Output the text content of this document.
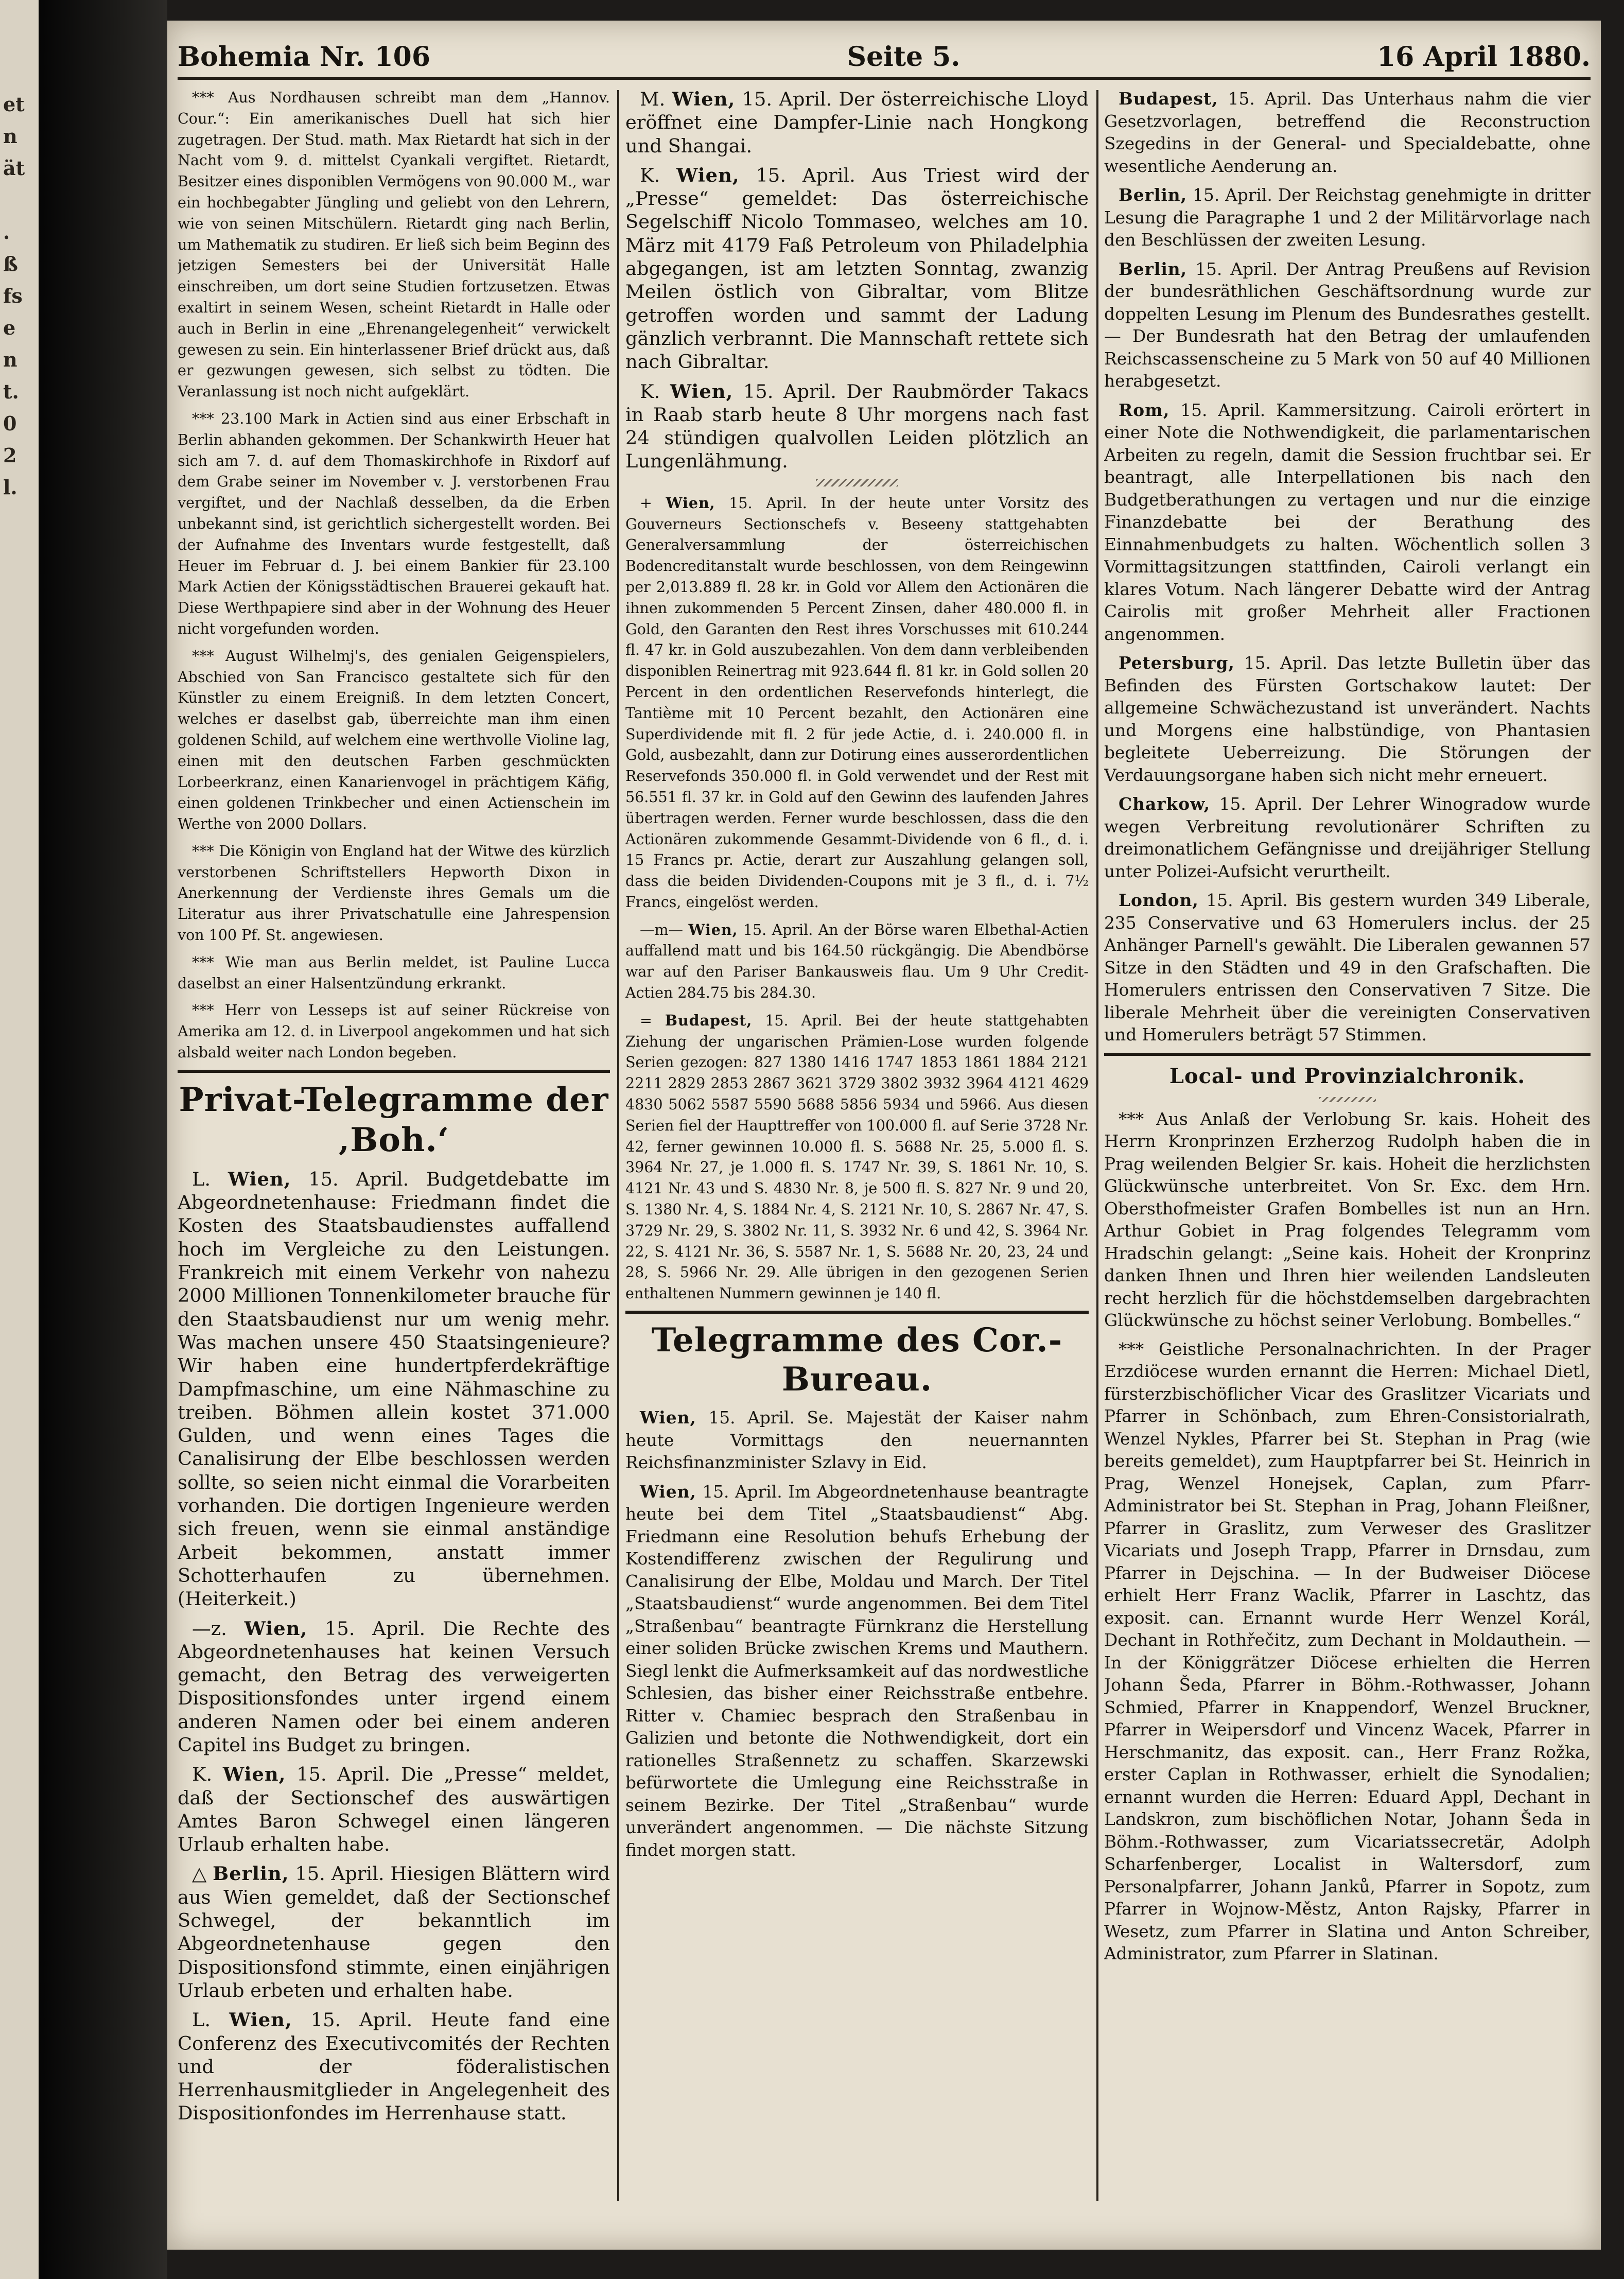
et
n
ät
.
ß
fs
e
n
t.
0
2
l.
Bohemia Nr. 106	Seite 5.	16 April 1880.

*** Aus Nordhausen schreibt man dem „Hannov. Cour.“: Ein amerikanisches Duell hat sich hier zugetragen. Der Stud. math. Max Rietardt hat sich in der Nacht vom 9. d. mittelst Cyankali vergiftet. Rietardt, Besitzer eines disponiblen Vermögens von 90.000 M., war ein hochbegabter Jüngling und geliebt von den Lehrern, wie von seinen Mitschülern. Rietardt ging nach Berlin, um Mathematik zu studiren. Er ließ sich beim Beginn des jetzigen Semesters bei der Universität Halle einschreiben, um dort seine Studien fortzusetzen. Etwas exaltirt in seinem Wesen, scheint Rietardt in Halle oder auch in Berlin in eine „Ehrenangelegenheit“ verwickelt gewesen zu sein. Ein hinterlassener Brief drückt aus, daß er gezwungen gewesen, sich selbst zu tödten. Die Veranlassung ist noch nicht aufgeklärt.

*** 23.100 Mark in Actien sind aus einer Erbschaft in Berlin abhanden gekommen. Der Schankwirth Heuer hat sich am 7. d. auf dem Thomaskirchhofe in Rixdorf auf dem Grabe seiner im November v. J. verstorbenen Frau vergiftet, und der Nachlaß desselben, da die Erben unbekannt sind, ist gerichtlich sichergestellt worden. Bei der Aufnahme des Inventars wurde festgestellt, daß Heuer im Februar d. J. bei einem Bankier für 23.100 Mark Actien der Königsstädtischen Brauerei gekauft hat. Diese Werthpapiere sind aber in der Wohnung des Heuer nicht vorgefunden worden.

*** August Wilhelmj's, des genialen Geigenspielers, Abschied von San Francisco gestaltete sich für den Künstler zu einem Ereigniß. In dem letzten Concert, welches er daselbst gab, überreichte man ihm einen goldenen Schild, auf welchem eine werthvolle Violine lag, einen mit den deutschen Farben geschmückten Lorbeerkranz, einen Kanarienvogel in prächtigem Käfig, einen goldenen Trinkbecher und einen Actienschein im Werthe von 2000 Dollars.

*** Die Königin von England hat der Witwe des kürzlich verstorbenen Schriftstellers Hepworth Dixon in Anerkennung der Verdienste ihres Gemals um die Literatur aus ihrer Privatschatulle eine Jahrespension von 100 Pf. St. angewiesen.

*** Wie man aus Berlin meldet, ist Pauline Lucca daselbst an einer Halsentzündung erkrankt.

*** Herr von Lesseps ist auf seiner Rückreise von Amerika am 12. d. in Liverpool angekommen und hat sich alsbald weiter nach London begeben.

Privat-Telegramme der ‚Boh.‘

L. Wien, 15. April. Budgetdebatte im Abgeordnetenhause: Friedmann findet die Kosten des Staatsbaudienstes auffallend hoch im Vergleiche zu den Leistungen. Frankreich mit einem Verkehr von nahezu 2000 Millionen Tonnenkilometer brauche für den Staatsbaudienst nur um wenig mehr. Was machen unsere 450 Staatsingenieure? Wir haben eine hundertpferdekräftige Dampfmaschine, um eine Nähmaschine zu treiben. Böhmen allein kostet 371.000 Gulden, und wenn eines Tages die Canalisirung der Elbe beschlossen werden sollte, so seien nicht einmal die Vorarbeiten vorhanden. Die dortigen Ingenieure werden sich freuen, wenn sie einmal anständige Arbeit bekommen, anstatt immer Schotterhaufen zu übernehmen. (Heiterkeit.)

—z. Wien, 15. April. Die Rechte des Abgeordnetenhauses hat keinen Versuch gemacht, den Betrag des verweigerten Dispositionsfondes unter irgend einem anderen Namen oder bei einem anderen Capitel ins Budget zu bringen.

K. Wien, 15. April. Die „Presse“ meldet, daß der Sectionschef des auswärtigen Amtes Baron Schwegel einen längeren Urlaub erhalten habe.

△ Berlin, 15. April. Hiesigen Blättern wird aus Wien gemeldet, daß der Sectionschef Schwegel, der bekanntlich im Abgeordnetenhause gegen den Dispositionsfond stimmte, einen einjährigen Urlaub erbeten und erhalten habe.

L. Wien, 15. April. Heute fand eine Conferenz des Executivcomités der Rechten und der föderalistischen Herrenhausmitglieder in Angelegenheit des Dispositionfondes im Herrenhause statt.

M. Wien, 15. April. Der österreichische Lloyd eröffnet eine Dampfer-Linie nach Hongkong und Shangai.

K. Wien, 15. April. Aus Triest wird der „Presse“ gemeldet: Das österreichische Segelschiff Nicolo Tommaseo, welches am 10. März mit 4179 Faß Petroleum von Philadelphia abgegangen, ist am letzten Sonntag, zwanzig Meilen östlich von Gibraltar, vom Blitze getroffen worden und sammt der Ladung gänzlich verbrannt. Die Mannschaft rettete sich nach Gibraltar.

K. Wien, 15. April. Der Raubmörder Takacs in Raab starb heute 8 Uhr morgens nach fast 24 stündigen qualvollen Leiden plötzlich an Lungenlähmung.

+ Wien, 15. April. In der heute unter Vorsitz des Gouverneurs Sectionschefs v. Beseeny stattgehabten Generalversammlung der österreichischen Bodencreditanstalt wurde beschlossen, von dem Reingewinn per 2,013.889 fl. 28 kr. in Gold vor Allem den Actionären die ihnen zukommenden 5 Percent Zinsen, daher 480.000 fl. in Gold, den Garanten den Rest ihres Vorschusses mit 610.244 fl. 47 kr. in Gold auszubezahlen. Von dem dann verbleibenden disponiblen Reinertrag mit 923.644 fl. 81 kr. in Gold sollen 20 Percent in den ordentlichen Reservefonds hinterlegt, die Tantième mit 10 Percent bezahlt, den Actionären eine Superdividende mit fl. 2 für jede Actie, d. i. 240.000 fl. in Gold, ausbezahlt, dann zur Dotirung eines ausserordentlichen Reservefonds 350.000 fl. in Gold verwendet und der Rest mit 56.551 fl. 37 kr. in Gold auf den Gewinn des laufenden Jahres übertragen werden. Ferner wurde beschlossen, dass die den Actionären zukommende Gesammt-Dividende von 6 fl., d. i. 15 Francs pr. Actie, derart zur Auszahlung gelangen soll, dass die beiden Dividenden-Coupons mit je 3 fl., d. i. 7½ Francs, eingelöst werden.

—m— Wien, 15. April. An der Börse waren Elbethal-Actien auffallend matt und bis 164.50 rückgängig. Die Abendbörse war auf den Pariser Bankausweis flau. Um 9 Uhr Credit-Actien 284.75 bis 284.30.

= Budapest, 15. April. Bei der heute stattgehabten Ziehung der ungarischen Prämien-Lose wurden folgende Serien gezogen: 827 1380 1416 1747 1853 1861 1884 2121 2211 2829 2853 2867 3621 3729 3802 3932 3964 4121 4629 4830 5062 5587 5590 5688 5856 5934 und 5966. Aus diesen Serien fiel der Haupttreffer von 100.000 fl. auf Serie 3728 Nr. 42, ferner gewinnen 10.000 fl. S. 5688 Nr. 25, 5.000 fl. S. 3964 Nr. 27, je 1.000 fl. S. 1747 Nr. 39, S. 1861 Nr. 10, S. 4121 Nr. 43 und S. 4830 Nr. 8, je 500 fl. S. 827 Nr. 9 und 20, S. 1380 Nr. 4, S. 1884 Nr. 4, S. 2121 Nr. 10, S. 2867 Nr. 47, S. 3729 Nr. 29, S. 3802 Nr. 11, S. 3932 Nr. 6 und 42, S. 3964 Nr. 22, S. 4121 Nr. 36, S. 5587 Nr. 1, S. 5688 Nr. 20, 23, 24 und 28, S. 5966 Nr. 29. Alle übrigen in den gezogenen Serien enthaltenen Nummern gewinnen je 140 fl.

Telegramme des Cor.-Bureau.

Wien, 15. April. Se. Majestät der Kaiser nahm heute Vormittags den neuernannten Reichsfinanzminister Szlavy in Eid.

Wien, 15. April. Im Abgeordnetenhause beantragte heute bei dem Titel „Staatsbaudienst“ Abg. Friedmann eine Resolution behufs Erhebung der Kostendifferenz zwischen der Regulirung und Canalisirung der Elbe, Moldau und March. Der Titel „Staatsbaudienst“ wurde angenommen. Bei dem Titel „Straßenbau“ beantragte Fürnkranz die Herstellung einer soliden Brücke zwischen Krems und Mauthern. Siegl lenkt die Aufmerksamkeit auf das nordwestliche Schlesien, das bisher einer Reichsstraße entbehre. Ritter v. Chamiec besprach den Straßenbau in Galizien und betonte die Nothwendigkeit, dort ein rationelles Straßennetz zu schaffen. Skarzewski befürwortete die Umlegung eine Reichsstraße in seinem Bezirke. Der Titel „Straßenbau“ wurde unverändert angenommen. — Die nächste Sitzung findet morgen statt.

Budapest, 15. April. Das Unterhaus nahm die vier Gesetzvorlagen, betreffend die Reconstruction Szegedins in der General- und Specialdebatte, ohne wesentliche Aenderung an.

Berlin, 15. April. Der Reichstag genehmigte in dritter Lesung die Paragraphe 1 und 2 der Militärvorlage nach den Beschlüssen der zweiten Lesung.

Berlin, 15. April. Der Antrag Preußens auf Revision der bundesräthlichen Geschäftsordnung wurde zur doppelten Lesung im Plenum des Bundesrathes gestellt. — Der Bundesrath hat den Betrag der umlaufenden Reichscassenscheine zu 5 Mark von 50 auf 40 Millionen herabgesetzt.

Rom, 15. April. Kammersitzung. Cairoli erörtert in einer Note die Nothwendigkeit, die parlamentarischen Arbeiten zu regeln, damit die Session fruchtbar sei. Er beantragt, alle Interpellationen bis nach den Budgetberathungen zu vertagen und nur die einzige Finanzdebatte bei der Berathung des Einnahmenbudgets zu halten. Wöchentlich sollen 3 Vormittagsitzungen stattfinden, Cairoli verlangt ein klares Votum. Nach längerer Debatte wird der Antrag Cairolis mit großer Mehrheit aller Fractionen angenommen.

Petersburg, 15. April. Das letzte Bulletin über das Befinden des Fürsten Gortschakow lautet: Der allgemeine Schwächezustand ist unverändert. Nachts und Morgens eine halbstündige, von Phantasien begleitete Ueberreizung. Die Störungen der Verdauungsorgane haben sich nicht mehr erneuert.

Charkow, 15. April. Der Lehrer Winogradow wurde wegen Verbreitung revolutionärer Schriften zu dreimonatlichem Gefängnisse und dreijähriger Stellung unter Polizei-Aufsicht verurtheilt.

London, 15. April. Bis gestern wurden 349 Liberale, 235 Conservative und 63 Homerulers inclus. der 25 Anhänger Parnell's gewählt. Die Liberalen gewannen 57 Sitze in den Städten und 49 in den Grafschaften. Die Homerulers entrissen den Conservativen 7 Sitze. Die liberale Mehrheit über die vereinigten Conservativen und Homerulers beträgt 57 Stimmen.

Local- und Provinzialchronik.

*** Aus Anlaß der Verlobung Sr. kais. Hoheit des Herrn Kronprinzen Erzherzog Rudolph haben die in Prag weilenden Belgier Sr. kais. Hoheit die herzlichsten Glückwünsche unterbreitet. Von Sr. Exc. dem Hrn. Obersthofmeister Grafen Bombelles ist nun an Hrn. Arthur Gobiet in Prag folgendes Telegramm vom Hradschin gelangt: „Seine kais. Hoheit der Kronprinz danken Ihnen und Ihren hier weilenden Landsleuten recht herzlich für die höchstdemselben dargebrachten Glückwünsche zu höchst seiner Verlobung. Bombelles.“

*** Geistliche Personalnachrichten. In der Prager Erzdiöcese wurden ernannt die Herren: Michael Dietl, fürsterzbischöflicher Vicar des Graslitzer Vicariats und Pfarrer in Schönbach, zum Ehren-Consistorialrath, Wenzel Nykles, Pfarrer bei St. Stephan in Prag (wie bereits gemeldet), zum Hauptpfarrer bei St. Heinrich in Prag, Wenzel Honejsek, Caplan, zum Pfarr-Administrator bei St. Stephan in Prag, Johann Fleißner, Pfarrer in Graslitz, zum Verweser des Graslitzer Vicariats und Joseph Trapp, Pfarrer in Drnsdau, zum Pfarrer in Dejschina. — In der Budweiser Diöcese erhielt Herr Franz Waclik, Pfarrer in Laschtz, das exposit. can. Ernannt wurde Herr Wenzel Korál, Dechant in Rothřečitz, zum Dechant in Moldauthein. — In der Königgrätzer Diöcese erhielten die Herren Johann Šeda, Pfarrer in Böhm.-Rothwasser, Johann Schmied, Pfarrer in Knappendorf, Wenzel Bruckner, Pfarrer in Weipersdorf und Vincenz Wacek, Pfarrer in Herschmanitz, das exposit. can., Herr Franz Rožka, erster Caplan in Rothwasser, erhielt die Synodalien; ernannt wurden die Herren: Eduard Appl, Dechant in Landskron, zum bischöflichen Notar, Johann Šeda in Böhm.-Rothwasser, zum Vicariatssecretär, Adolph Scharfenberger, Localist in Waltersdorf, zum Personalpfarrer, Johann Janků, Pfarrer in Sopotz, zum Pfarrer in Wojnow-Městz, Anton Rajsky, Pfarrer in Wesetz, zum Pfarrer in Slatina und Anton Schreiber, Administrator, zum Pfarrer in Slatinan.
